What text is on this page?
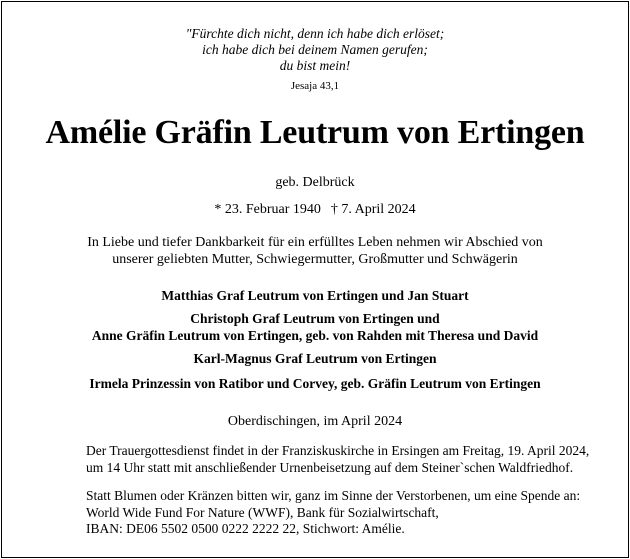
"Fürchte dich nicht, denn ich habe dich erlöset;
ich habe dich bei deinem Namen gerufen;
du bist mein!
Jesaja 43,1
Amélie Gräfin Leutrum von Ertingen
geb. Delbrück
* 23. Februar 1940 † 7. April 2024
In Liebe und tiefer Dankbarkeit für ein erfülltes Leben nehmen wir Abschied von
unserer geliebten Mutter, Schwiegermutter, Großmutter und Schwägerin
Matthias Graf Leutrum von Ertingen und Jan Stuart
Christoph Graf Leutrum von Ertingen und
Anne Gräfin Leutrum von Ertingen, geb. von Rahden mit Theresa und David
Karl-Magnus Graf Leutrum von Ertingen
Irmela Prinzessin von Ratibor und Corvey, geb. Gräfin Leutrum von Ertingen
Oberdischingen, im April 2024
Der Trauergottesdienst findet in der Franziskuskirche in Ersingen am Freitag, 19. April 2024,
um 14 Uhr statt mit anschließender Urnenbeisetzung auf dem Steiner`schen Waldfriedhof.
Statt Blumen oder Kränzen bitten wir, ganz im Sinne der Verstorbenen, um eine Spende an:
World Wide Fund For Nature (WWF), Bank für Sozialwirtschaft,
IBAN: DE06 5502 0500 0222 2222 22, Stichwort: Amélie.
